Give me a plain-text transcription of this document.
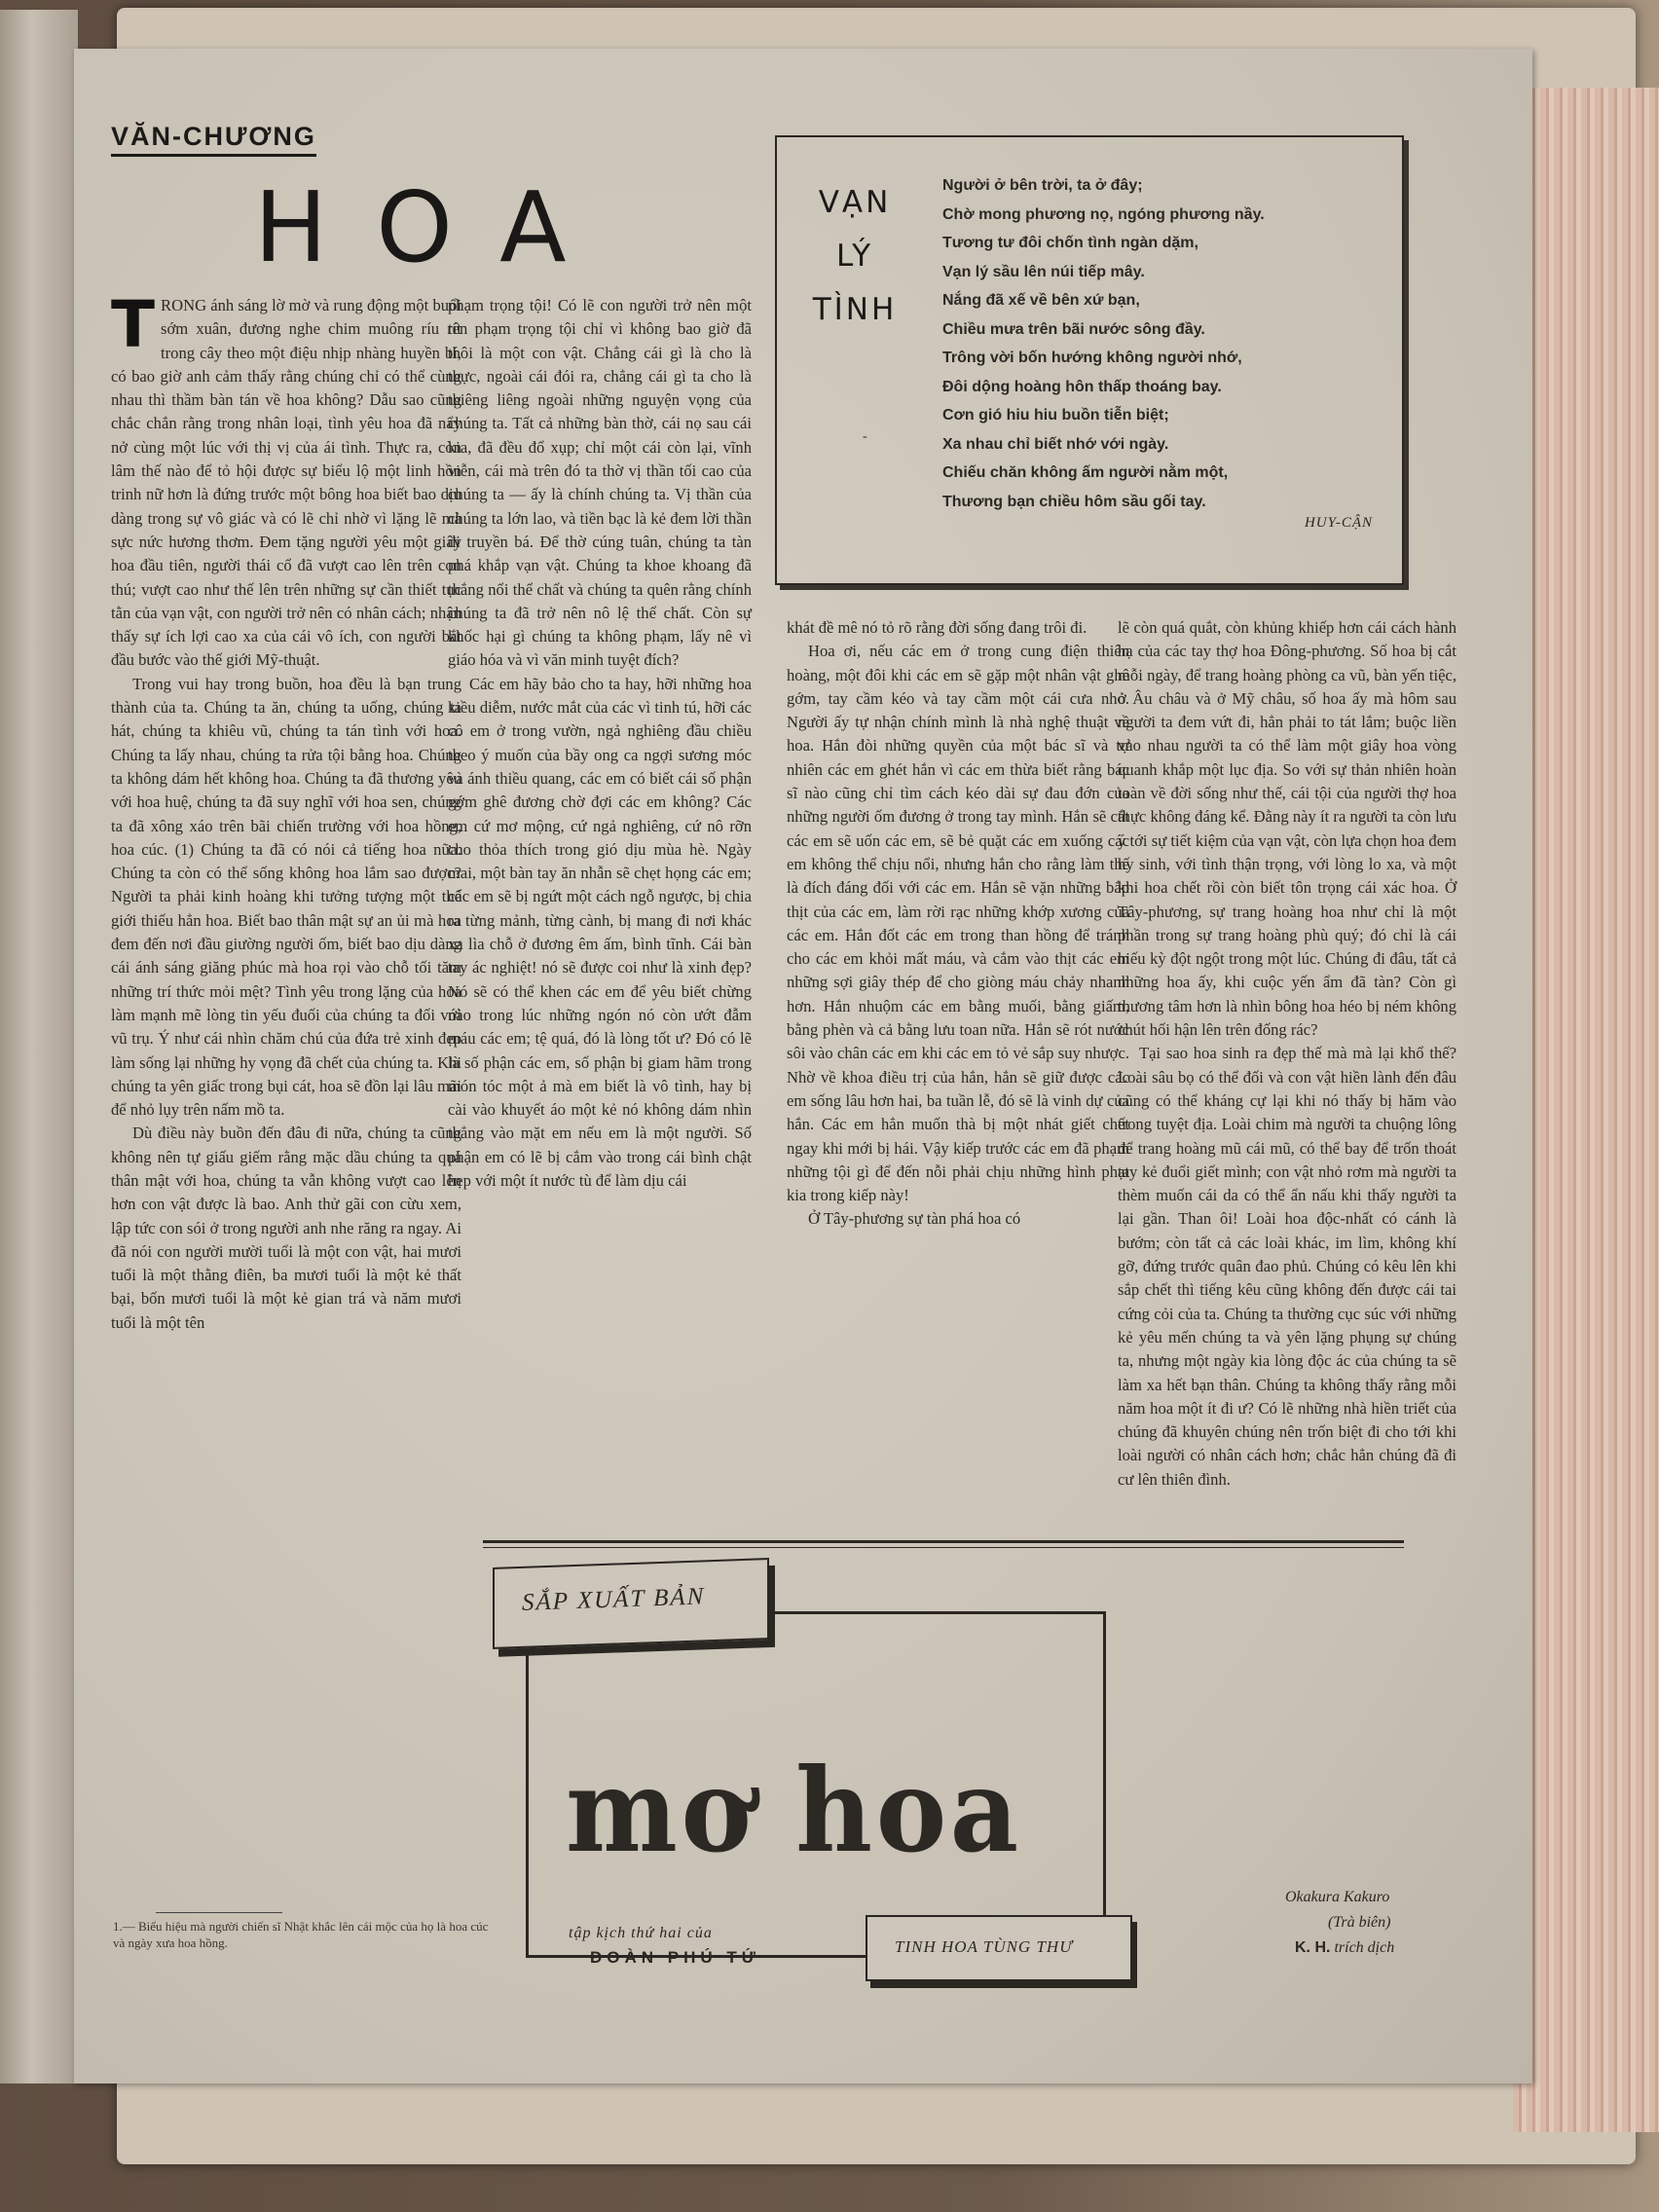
VĂN-CHƯƠNG
HOA

TRONG ánh sáng lờ mờ và rung động một buổi sớm xuân, đương nghe chim muông ríu rít trong cây theo một điệu nhịp nhàng huyền bí, có bao giờ anh cảm thấy rằng chúng chỉ có thể cùng nhau thì thầm bàn tán về hoa không? Dẫu sao cũng chắc chắn rằng trong nhân loại, tình yêu hoa đã nẩy nở cùng một lúc với thị vị của ái tình. Thực ra, còn lâm thế nào để tỏ hội được sự biểu lộ một linh hồn trinh nữ hơn là đứng trước một bông hoa biết bao dịu dàng trong sự vô giác và có lẽ chỉ nhờ vì lặng lẽ mà sực nức hương thơm. Đem tặng người yêu một giây hoa đầu tiên, người thái cổ đã vượt cao lên trên con thú; vượt cao như thế lên trên những sự cần thiết tục tằn của vạn vật, con người trở nên có nhân cách; nhận thấy sự ích lợi cao xa của cái vô ích, con người bắt đầu bước vào thế giới Mỹ-thuật.

Trong vui hay trong buồn, hoa đều là bạn trung thành của ta. Chúng ta ăn, chúng ta uống, chúng ta hát, chúng ta khiêu vũ, chúng ta tán tình với hoa. Chúng ta lấy nhau, chúng ta rửa tội bằng hoa. Chúng ta không dám hết không hoa. Chúng ta đã thương yêu với hoa huệ, chúng ta đã suy nghĩ với hoa sen, chúng ta đã xông xáo trên bãi chiến trường với hoa hồng, hoa cúc. (1) Chúng ta đã có nói cả tiếng hoa nữa. Chúng ta còn có thể sống không hoa lắm sao được? Người ta phải kinh hoàng khi tưởng tượng một thế giới thiếu hẳn hoa. Biết bao thân mật sự an ủi mà hoa đem đến nơi đầu giường người ốm, biết bao dịu dàng cái ánh sáng giăng phúc mà hoa rọi vào chỗ tối tăm những trí thức mỏi mệt? Tình yêu trong lặng của hoa làm mạnh mẽ lòng tin yếu đuối của chúng ta đối với vũ trụ. Ý như cái nhìn chăm chú của đứa trẻ xinh đẹp làm sống lại những hy vọng đã chết của chúng ta. Khi chúng ta yên giấc trong bụi cát, hoa sẽ đồn lại lâu mãi để nhỏ lụy trên nấm mồ ta.

Dù điều này buồn đến đâu đi nữa, chúng ta cũng không nên tự giấu giếm rằng mặc dầu chúng ta quá thân mật với hoa, chúng ta vẫn không vượt cao lên hơn con vật được là bao. Anh thử gãi con cừu xem, lập tức con sói ở trong người anh nhe răng ra ngay. Ai đã nói con người mười tuổi là một con vật, hai mươi tuổi là một thằng điên, ba mươi tuổi là một kẻ thất bại, bốn mươi tuổi là một kẻ gian trá và năm mươi tuổi là một tên

1.— Biểu hiệu mà người chiến sĩ Nhật khắc lên cái mộc của họ là hoa cúc và ngày xưa hoa hồng.

phạm trọng tội! Có lẽ con người trở nên một tên phạm trọng tội chỉ vì không bao giờ đã thôi là một con vật. Chẳng cái gì là cho là thực, ngoài cái đói ra, chẳng cái gì ta cho là thiêng liêng ngoài những nguyện vọng của chúng ta. Tất cả những bàn thờ, cái nọ sau cái kia, đã đều đổ xụp; chỉ một cái còn lại, vĩnh viễn, cái mà trên đó ta thờ vị thần tối cao của chúng ta — ấy là chính chúng ta. Vị thần của chúng ta lớn lao, và tiền bạc là kẻ đem lời thần đi truyền bá. Để thờ cúng tuân, chúng ta tàn phá khắp vạn vật. Chúng ta khoe khoang đã thắng nổi thể chất và chúng ta quên rằng chính chúng ta đã trở nên nô lệ thể chất. Còn sự khốc hại gì chúng ta không phạm, lấy nê vì giáo hóa và vì văn minh tuyệt đích?

Các em hãy bảo cho ta hay, hỡi những hoa kiều diễm, nước mắt của các vì tinh tú, hỡi các cô em ở trong vườn, ngả nghiêng đầu chiều theo ý muốn của bầy ong ca ngợi sương móc và ánh thiều quang, các em có biết cái số phận gớm ghê đương chờ đợi các em không? Các em cứ mơ mộng, cứ ngả nghiêng, cứ nô rỡn cho thỏa thích trong gió dịu mùa hè. Ngày mai, một bàn tay ăn nhẫn sẽ chẹt họng các em; các em sẽ bị ngứt một cách ngỗ ngược, bị chia ra từng mảnh, từng cành, bị mang đi nơi khác xa lìa chỗ ở đương êm ấm, bình tĩnh. Cái bàn tay ác nghiệt! nó sẽ được coi như là xinh đẹp? Nó sẽ có thể khen các em để yêu biết chừng nào trong lúc những ngón nó còn ướt đẫm máu các em; tệ quá, đó là lòng tốt ư? Đó có lẽ là số phận các em, số phận bị giam hãm trong món tóc một ả mà em biết là vô tình, hay bị cài vào khuyết áo một kẻ nó không dám nhìn thẳng vào mặt em nếu em là một người. Số phận em có lẽ bị cắm vào trong cái bình chật hẹp với một ít nước tù để làm dịu cái

VẠN
LÝ
TÌNH
-
Người ở bên trời, ta ở đây;
Chờ mong phương nọ, ngóng phương nầy.
Tương tư đôi chốn tình ngàn dặm,
Vạn lý sầu lên núi tiếp mây.
Nắng đã xế về bên xứ bạn,
Chiều mưa trên bãi nước sông đầy.
Trông vời bốn hướng không người nhớ,
Đôi dộng hoàng hôn thấp thoáng bay.
Cơn gió hiu hiu buồn tiễn biệt;
Xa nhau chỉ biết nhớ với ngày.
Chiếu chăn không ấm người nằm một,
Thương bạn chiều hôm sầu gối tay.
HUY-CẬN

khát đề mê nó tỏ rõ rằng đời sống đang trôi đi.

Hoa ơi, nếu các em ở trong cung điện thiên hoàng, một đôi khi các em sẽ gặp một nhân vật ghê gớm, tay cầm kéo và tay cầm một cái cưa nhỏ. Người ấy tự nhận chính mình là nhà nghệ thuật về hoa. Hắn đòi những quyền của một bác sĩ và tự nhiên các em ghét hắn vì các em thừa biết rằng bác sĩ nào cũng chỉ tìm cách kéo dài sự đau đớn của những người ốm đương ở trong tay mình. Hắn sẽ cắt các em sẽ uốn các em, sẽ bẻ quặt các em xuống các em không thể chịu nổi, nhưng hắn cho rằng làm thế là đích đáng đối với các em. Hắn sẽ vặn những bắp thịt của các em, làm rời rạc những khớp xương của các em. Hắn đốt các em trong than hồng để tránh cho các em khỏi mất máu, và cắm vào thịt các em những sợi giây thép để cho giòng máu chảy nhanh hơn. Hắn nhuộm các em bằng muối, bằng giấm, bằng phèn và cả bằng lưu toan nữa. Hắn sẽ rót nước sôi vào chân các em khi các em tỏ vẻ sắp suy nhược. Nhờ về khoa điều trị của hắn, hắn sẽ giữ được các em sống lâu hơn hai, ba tuần lễ, đó sẽ là vinh dự của hắn. Các em hẳn muốn thà bị một nhát giết chết ngay khi mới bị hái. Vậy kiếp trước các em đã phạm những tội gì để đến nỗi phải chịu những hình phạt kia trong kiếp này!

Ở Tây-phương sự tàn phá hoa có

lẽ còn quá quắt, còn khủng khiếp hơn cái cách hành hạ của các tay thợ hoa Đông-phương. Số hoa bị cắt mỗi ngày, để trang hoàng phòng ca vũ, bàn yến tiệc, ở Âu châu và ở Mỹ châu, số hoa ấy mà hôm sau người ta đem vứt đi, hẳn phải to tát lắm; buộc liền vào nhau người ta có thể làm một giây hoa vòng quanh khắp một lục địa. So với sự thản nhiên hoàn toàn về đời sống như thế, cái tội của người thợ hoa thực không đáng kể. Đằng này ít ra người ta còn lưu ý tới sự tiết kiệm của vạn vật, còn lựa chọn hoa đem hy sinh, với tình thận trọng, với lòng lo xa, và một khi hoa chết rồi còn biết tôn trọng cái xác hoa. Ở Tây-phương, sự trang hoàng hoa như chỉ là một phần trong sự trang hoàng phù quý; đó chỉ là cái hiếu kỳ đột ngột trong một lúc. Chúng đi đâu, tất cả những hoa ấy, khi cuộc yến ẩm đã tàn? Còn gì thương tâm hơn là nhìn bông hoa héo bị ném không chút hối hận lên trên đống rác?

Tại sao hoa sinh ra đẹp thế mà mà lại khổ thế? Loài sâu bọ có thể đối và con vật hiền lành đến đâu cũng có thể kháng cự lại khi nó thấy bị hăm vào trong tuyệt địa. Loài chim mà người ta chuộng lông để trang hoàng mũ cái mũ, có thể bay để trốn thoát tay kẻ đuổi giết mình; con vật nhỏ rơm mà người ta thèm muốn cái da có thể ẩn nấu khi thấy người ta lại gần. Than ôi! Loài hoa độc-nhất có cánh là bướm; còn tất cả các loài khác, im lìm, không khí gỡ, đứng trước quân đao phủ. Chúng có kêu lên khi sắp chết thì tiếng kêu cũng không đến được cái tai cứng cỏi của ta. Chúng ta thường cục súc với những kẻ yêu mến chúng ta và yên lặng phụng sự chúng ta, nhưng một ngày kia lòng độc ác của chúng ta sẽ làm xa hết bạn thân. Chúng ta không thấy rằng mỗi năm hoa một ít đi ư? Có lẽ những nhà hiền triết của chúng đã khuyên chúng nên trốn biệt đi cho tới khi loài người có nhân cách hơn; chắc hẳn chúng đã đi cư lên thiên đình.

Okakura Kakuro
(Trà biên)
K. H. trích dịch
SẮP XUẤT BẢN
mơ hoa
tập kịch thứ hai của
ĐOÀN PHÚ TỨ
TINH HOA TÙNG THƯ
